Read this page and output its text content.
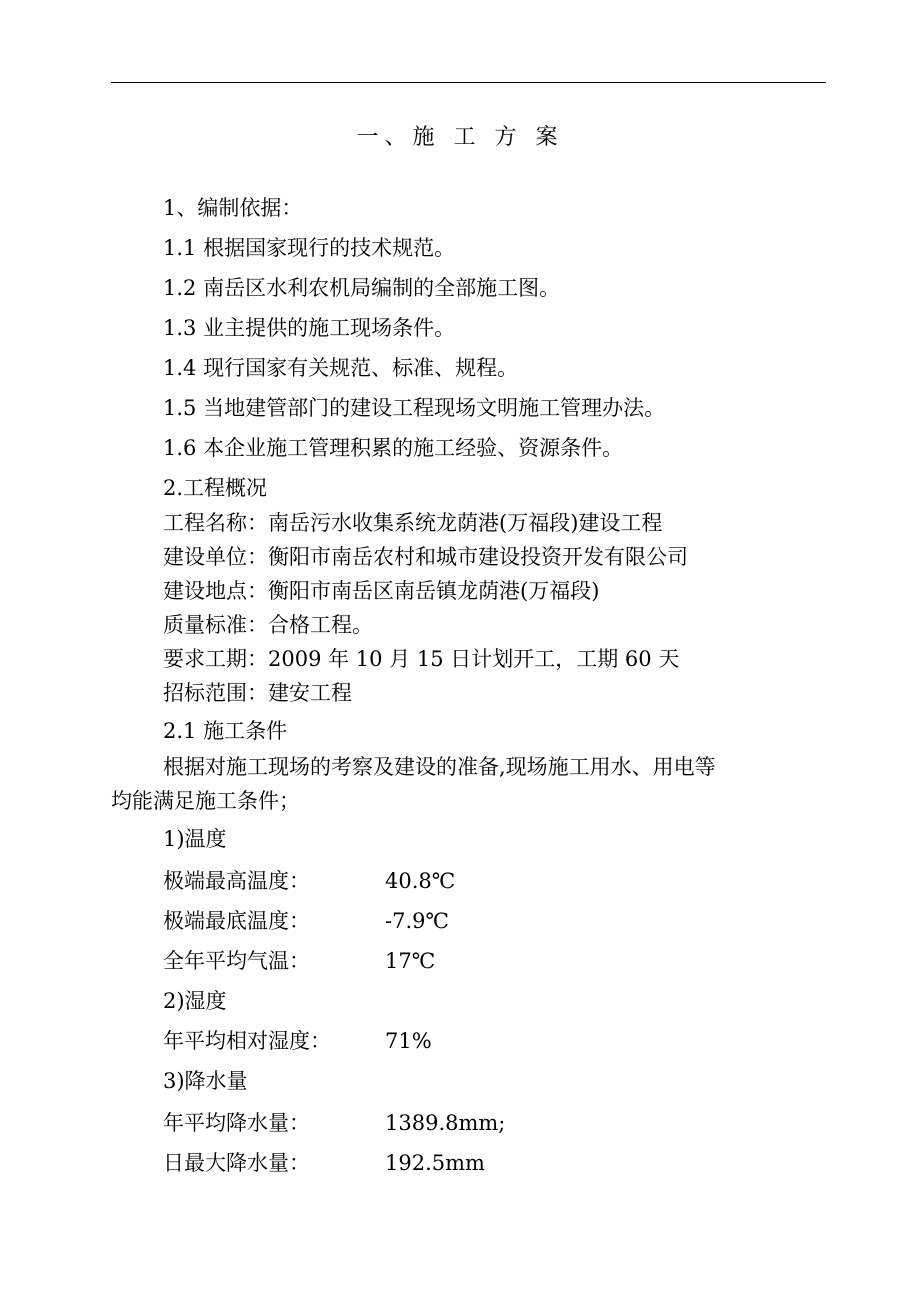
一、施 工 方 案
1、编制依据：
1.1 根据国家现行的技术规范。
1.2 南岳区水利农机局编制的全部施工图。
1.3 业主提供的施工现场条件。
1.4 现行国家有关规范、标准、规程。
1.5 当地建管部门的建设工程现场文明施工管理办法。
1.6 本企业施工管理积累的施工经验、资源条件。
2.工程概况
工程名称：南岳污水收集系统龙荫港(万福段)建设工程
建设单位：衡阳市南岳农村和城市建设投资开发有限公司
建设地点：衡阳市南岳区南岳镇龙荫港(万福段)
质量标准：合格工程。
要求工期：2009 年 10 月 15 日计划开工，工期 60 天
招标范围：建安工程
2.1 施工条件
根据对施工现场的考察及建设的准备,现场施工用水、用电等
均能满足施工条件；
1)温度
极端最高温度：	40.8℃
极端最底温度：	-7.9℃
全年平均气温：	17℃
2)湿度
年平均相对湿度：	71%
3)降水量
年平均降水量：	1389.8mm;
日最大降水量：	192.5mm
